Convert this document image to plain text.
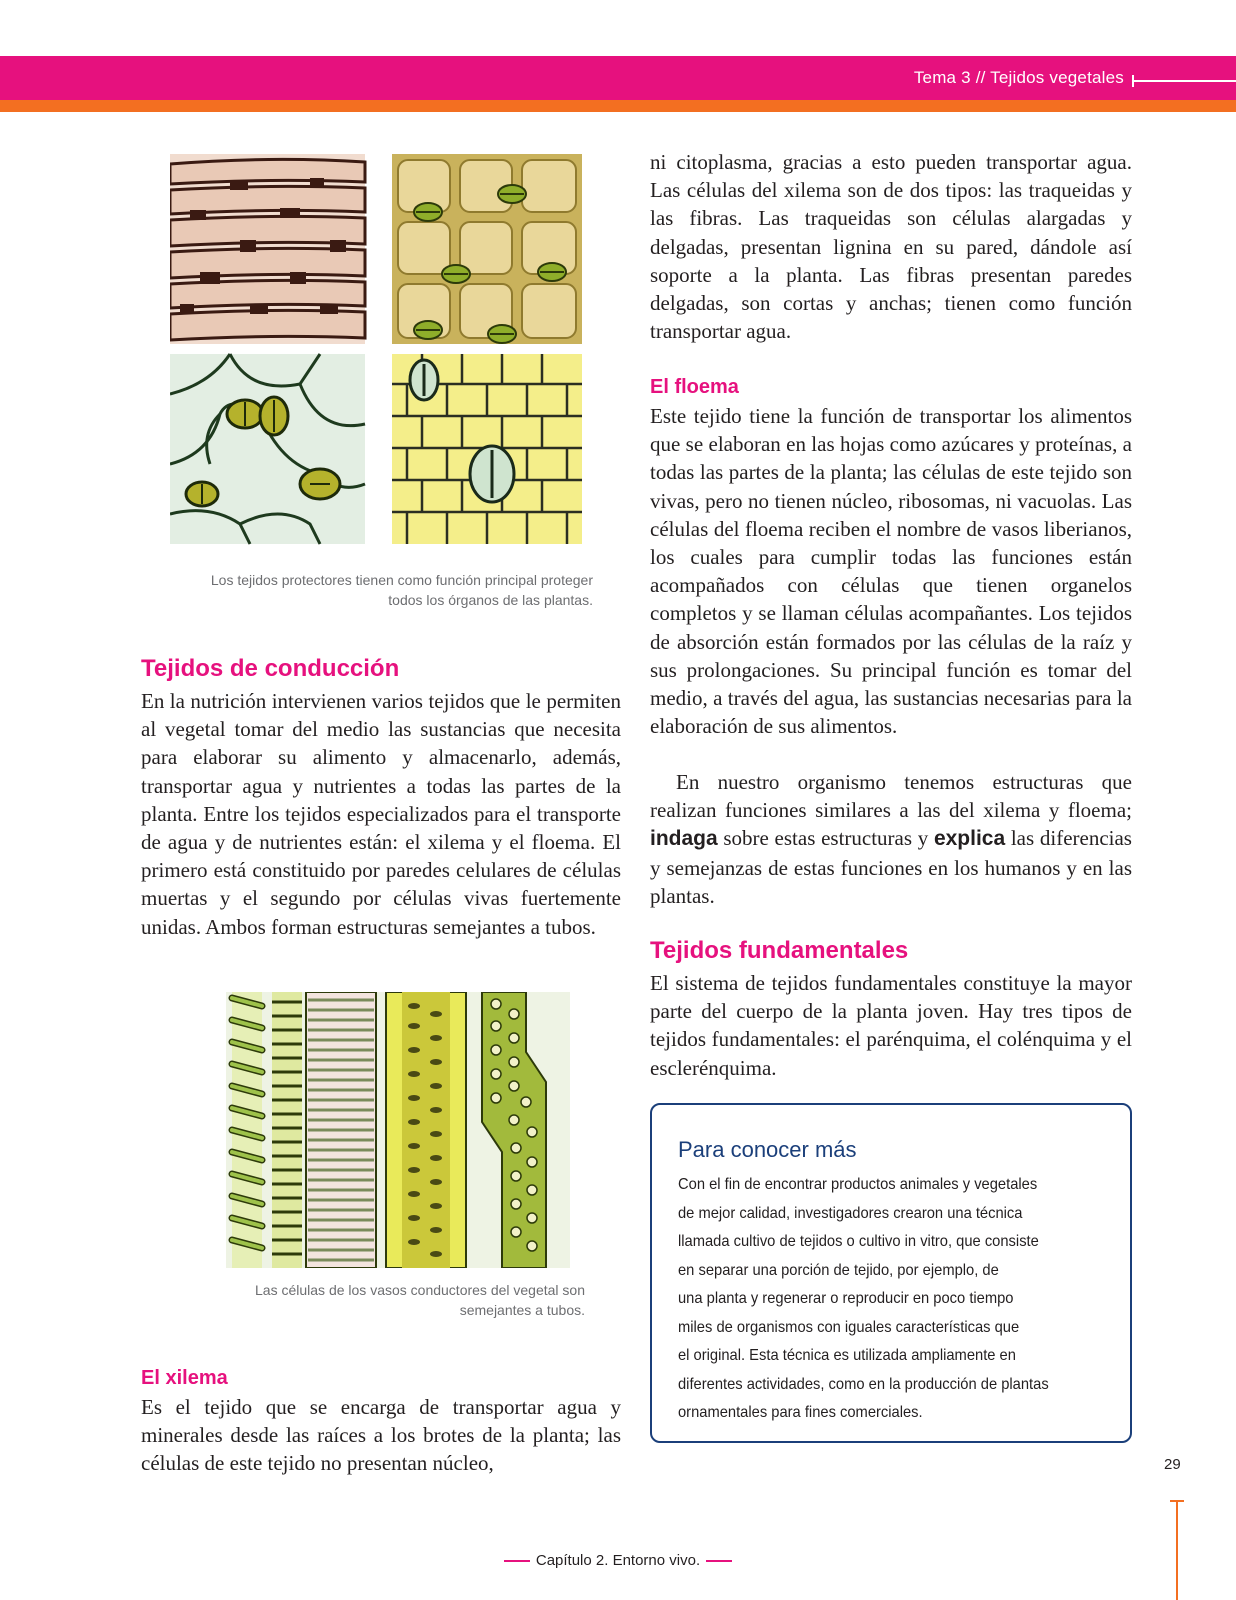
Tema 3 // Tejidos vegetales
Los tejidos protectores tienen como función principal proteger
todos los órganos de las plantas.
Tejidos de conducción
En la nutrición intervienen varios tejidos que le permiten al vegetal tomar del medio las sustancias que necesita para elaborar su alimento y almacenarlo, además, transportar agua y nutrientes a todas las partes de la planta. Entre los tejidos especializados para el transporte de agua y de nutrientes están: el xilema y el floema. El primero está constituido por paredes celulares de células muertas y el segundo por células vivas fuertemente unidas. Ambos forman estructuras semejantes a tubos.
Las células de los vasos conductores del vegetal son
semejantes a tubos.
El xilema
Es el tejido que se encarga de transportar agua y minerales desde las raíces a los brotes de la planta; las células de este tejido no presentan núcleo,
ni citoplasma, gracias a esto pueden transportar agua. Las células del xilema son de dos tipos: las traqueidas y las fibras. Las traqueidas son células alargadas y delgadas, presentan lignina en su pared, dándole así soporte a la planta. Las fibras presentan paredes delgadas, son cortas y anchas; tienen como función transportar agua.
El floema
Este tejido tiene la función de transportar los alimentos que se elaboran en las hojas como azúcares y proteínas, a todas las partes de la planta; las células de este tejido son vivas, pero no tienen núcleo, ribosomas, ni vacuolas. Las células del floema reciben el nombre de vasos liberianos, los cuales para cumplir todas las funciones están acompañados con células que tienen organelos completos y se llaman células acompañantes. Los tejidos de absorción están formados por las células de la raíz y sus prolongaciones. Su principal función es tomar del medio, a través del agua, las sustancias necesarias para la elaboración de sus alimentos.
En nuestro organismo tenemos estructuras que realizan funciones similares a las del xilema y floema; indaga sobre estas estructuras y explica las diferencias y semejanzas de estas funciones en los humanos y en las plantas.
Tejidos fundamentales
El sistema de tejidos fundamentales constituye la mayor parte del cuerpo de la planta joven. Hay tres tipos de tejidos fundamentales: el parénquima, el colénquima y el esclerénquima.
Para conocer más
Con el fin de encontrar productos animales y vegetales
de mejor calidad, investigadores crearon una técnica
llamada cultivo de tejidos o cultivo in vitro, que consiste
en separar una porción de tejido, por ejemplo, de
una planta y regenerar o reproducir en poco tiempo
miles de organismos con iguales características que
el original. Esta técnica es utilizada ampliamente en
diferentes actividades, como en la producción de plantas
ornamentales para fines comerciales.
29
Capítulo 2. Entorno vivo.
